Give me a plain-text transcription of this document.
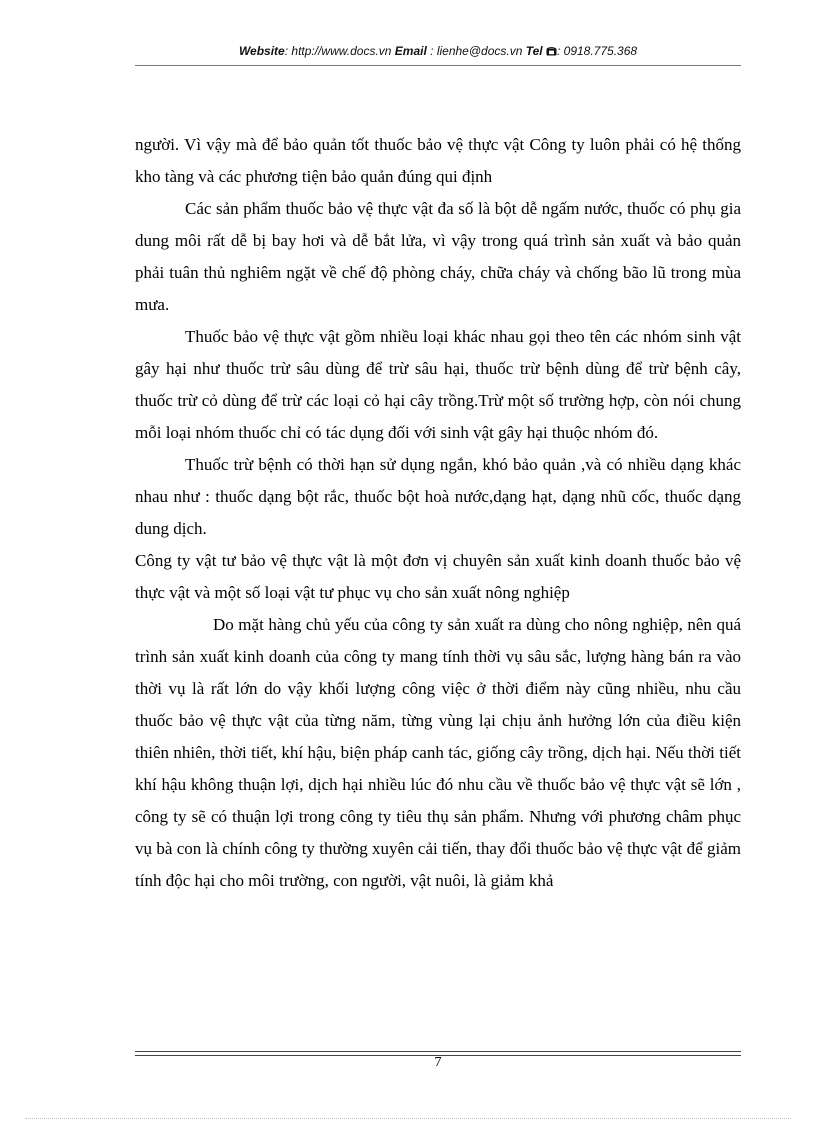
Website: http://www.docs.vn Email : lienhe@docs.vn Tel : 0918.775.368

người. Vì vậy mà để bảo quản tốt thuốc bảo vệ thực vật Công ty luôn phải có hệ thống kho tàng và các phương tiện bảo quản đúng qui định

Các sản phẩm thuốc bảo vệ thực vật đa số là bột dễ ngấm nước, thuốc có phụ gia dung môi rất dễ bị bay hơi và dễ bắt lửa, vì vậy trong quá trình sản xuất và bảo quản phải tuân thủ nghiêm ngặt về chế độ phòng cháy, chữa cháy và chống bão lũ trong mùa mưa.

Thuốc bảo vệ thực vật gồm nhiều loại khác nhau gọi theo tên các nhóm sinh vật gây hại như thuốc trừ sâu dùng để trừ sâu hại, thuốc trừ bệnh dùng để trừ bệnh cây, thuốc trừ cỏ dùng để trừ các loại cỏ hại cây trồng.Trừ một số trường hợp, còn nói chung mỗi loại nhóm thuốc chỉ có tác dụng đối với sinh vật gây hại thuộc nhóm đó.

Thuốc trừ bệnh có thời hạn sử dụng ngắn, khó bảo quản ,và có nhiều dạng khác nhau như : thuốc dạng bột rắc, thuốc bột hoà nước,dạng hạt, dạng nhũ cốc, thuốc dạng dung dịch.

Công ty vật tư bảo vệ thực vật là một đơn vị chuyên sản xuất kinh doanh thuốc bảo vệ thực vật và một số loại vật tư phục vụ cho sản xuất nông nghiệp

Do mặt hàng chủ yếu của công ty sản xuất ra dùng cho nông nghiệp, nên quá trình sản xuất kinh doanh của công ty mang tính thời vụ sâu sắc, lượng hàng bán ra vào thời vụ là rất lớn do vậy khối lượng công việc ở thời điểm này cũng nhiều, nhu cầu thuốc bảo vệ thực vật của từng năm, từng vùng lại chịu ảnh hưởng lớn của điều kiện thiên nhiên, thời tiết, khí hậu, biện pháp canh tác, giống cây trồng, dịch hại. Nếu thời tiết khí hậu không thuận lợi, dịch hại nhiều lúc đó nhu cầu về thuốc bảo vệ thực vật sẽ lớn , công ty sẽ có thuận lợi trong công ty tiêu thụ sản phẩm. Nhưng với phương châm phục vụ bà con là chính công ty thường xuyên cải tiến, thay đổi thuốc bảo vệ thực vật để giảm tính độc hại cho môi trường, con người, vật nuôi, là giảm khả

7
